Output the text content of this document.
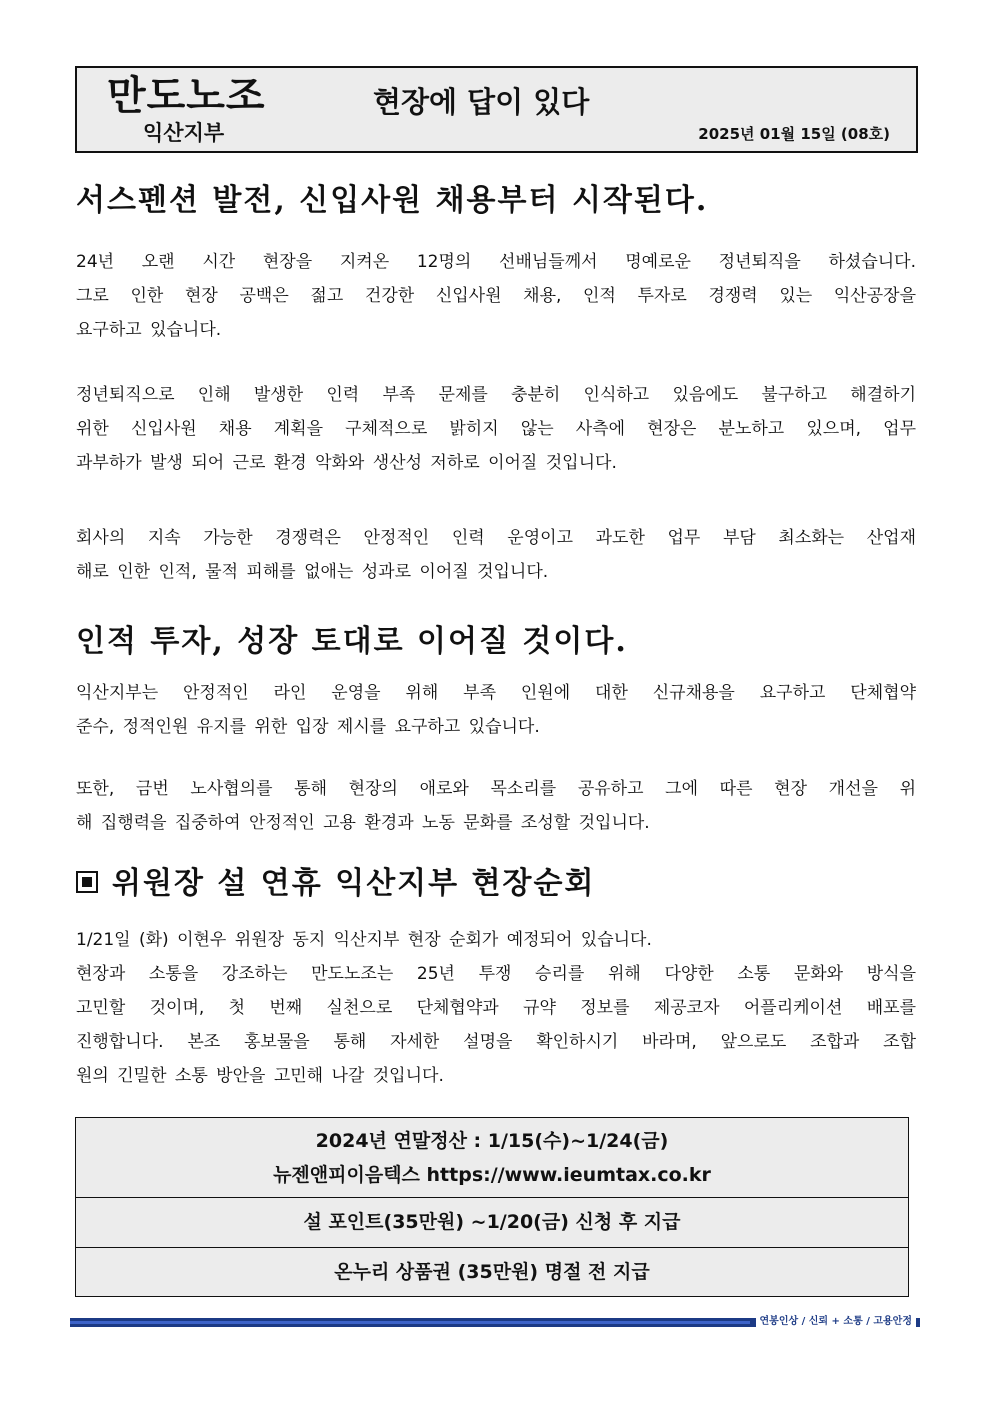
만도노조
익산지부
현장에 답이 있다
2025년 01월 15일 (08호)
서스펜션 발전, 신입사원 채용부터 시작된다.
24년 오랜 시간 현장을 지켜온 12명의 선배님들께서 명예로운 정년퇴직을 하셨습니다.
그로 인한 현장 공백은 젊고 건강한 신입사원 채용, 인적 투자로 경쟁력 있는 익산공장을
요구하고 있습니다.
정년퇴직으로 인해 발생한 인력 부족 문제를 충분히 인식하고 있음에도 불구하고 해결하기
위한 신입사원 채용 계획을 구체적으로 밝히지 않는 사측에 현장은 분노하고 있으며, 업무
과부하가 발생 되어 근로 환경 악화와 생산성 저하로 이어질 것입니다.
회사의 지속 가능한 경쟁력은 안정적인 인력 운영이고 과도한 업무 부담 최소화는 산업재
해로 인한 인적, 물적 피해를 없애는 성과로 이어질 것입니다.
인적 투자, 성장 토대로 이어질 것이다.
익산지부는 안정적인 라인 운영을 위해 부족 인원에 대한 신규채용을 요구하고 단체협약
준수, 정적인원 유지를 위한 입장 제시를 요구하고 있습니다.
또한, 금번 노사협의를 통해 현장의 애로와 목소리를 공유하고 그에 따른 현장 개선을 위
해 집행력을 집중하여 안정적인 고용 환경과 노동 문화를 조성할 것입니다.
위원장 설 연휴 익산지부 현장순회
1/21일 (화) 이현우 위원장 동지 익산지부 현장 순회가 예정되어 있습니다.
현장과 소통을 강조하는 만도노조는 25년 투쟁 승리를 위해 다양한 소통 문화와 방식을
고민할 것이며, 첫 번째 실천으로 단체협약과 규약 정보를 제공코자 어플리케이션 배포를
진행합니다. 본조 홍보물을 통해 자세한 설명을 확인하시기 바라며, 앞으로도 조합과 조합
원의 긴밀한 소통 방안을 고민해 나갈 것입니다.
2024년 연말정산 : 1/15(수)~1/24(금)
뉴젠앤피이음텍스 https://www.ieumtax.co.kr
설 포인트(35만원) ~1/20(금) 신청 후 지급
온누리 상품권 (35만원) 명절 전 지급
연봉인상 / 신뢰 + 소통 / 고용안정
